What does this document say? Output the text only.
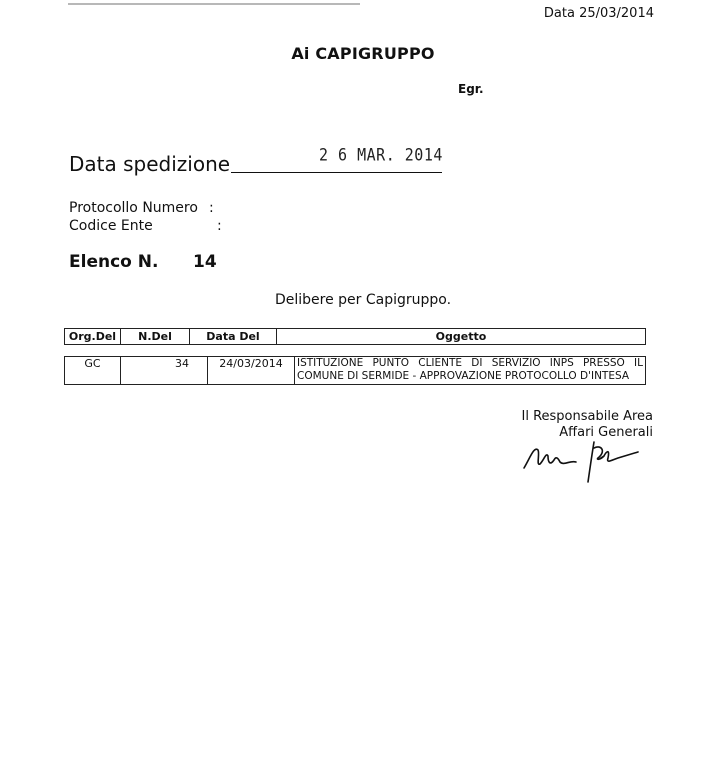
Data 25/03/2014
Ai CAPIGRUPPO
Egr.
Data spedizione	2 6 MAR. 2014
Protocollo Numero :
Codice Ente	:
Elenco N. 14
Delibere per Capigruppo.
Org.Del	N.Del	Data Del	Oggetto
GC	34	24/03/2014	ISTITUZIONE PUNTO CLIENTE DI SERVIZIO INPS PRESSO IL
COMUNE DI SERMIDE - APPROVAZIONE PROTOCOLLO D'INTESA
Il Responsabile Area
Affari Generali
